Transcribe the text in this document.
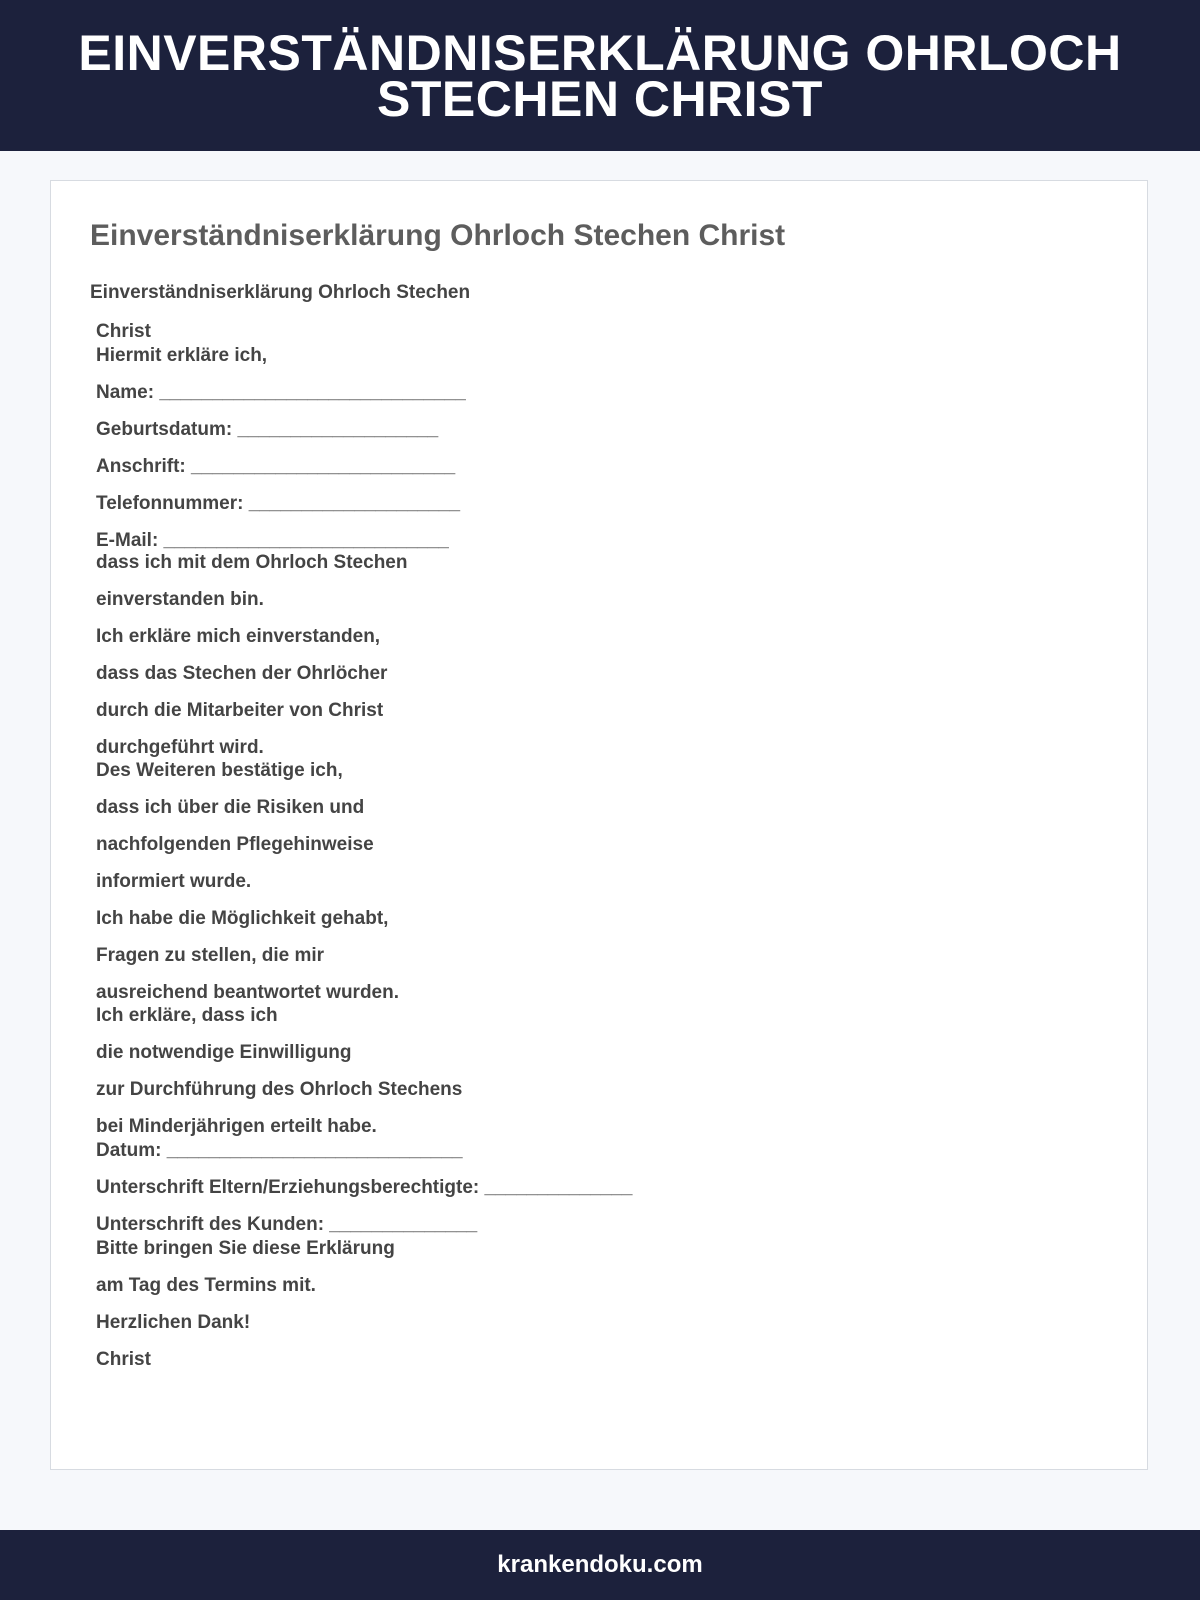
EINVERSTÄNDNISERKLÄRUNG OHRLOCH STECHEN CHRIST
Einverständniserklärung Ohrloch Stechen Christ

Einverständniserklärung Ohrloch Stechen

Christ
Hiermit erkläre ich,
Name: _____________________________
Geburtsdatum: ___________________
Anschrift: _________________________
Telefonnummer: ____________________
E-Mail: ___________________________
dass ich mit dem Ohrloch Stechen
einverstanden bin.
Ich erkläre mich einverstanden,
dass das Stechen der Ohrlöcher
durch die Mitarbeiter von Christ
durchgeführt wird.
Des Weiteren bestätige ich,
dass ich über die Risiken und
nachfolgenden Pflegehinweise
informiert wurde.
Ich habe die Möglichkeit gehabt,
Fragen zu stellen, die mir
ausreichend beantwortet wurden.
Ich erkläre, dass ich
die notwendige Einwilligung
zur Durchführung des Ohrloch Stechens
bei Minderjährigen erteilt habe.
Datum: ____________________________
Unterschrift Eltern/Erziehungsberechtigte: ______________
Unterschrift des Kunden: ______________
Bitte bringen Sie diese Erklärung
am Tag des Termins mit.
Herzlichen Dank!
Christ
krankendoku.com
